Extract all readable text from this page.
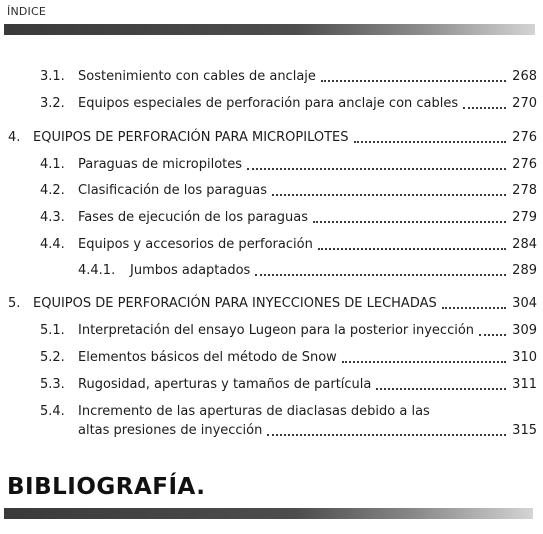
ÍNDICE
3.1.	Sostenimiento con cables de anclaje	268
3.2.	Equipos especiales de perforación para anclaje con cables	270
4. EQUIPOS DE PERFORACIÓN PARA MICROPILOTES	276
4.1.	Paraguas de micropilotes	276
4.2.	Clasificación de los paraguas	278
4.3.	Fases de ejecución de los paraguas	279
4.4.	Equipos y accesorios de perforación	284
4.4.1.	Jumbos adaptados	289
5. EQUIPOS DE PERFORACIÓN PARA INYECCIONES DE LECHADAS	304
5.1.	Interpretación del ensayo Lugeon para la posterior inyección	309
5.2.	Elementos básicos del método de Snow	310
5.3.	Rugosidad, aperturas y tamaños de partícula	311
5.4.	Incremento de las aperturas de diaclasas debido a las
altas presiones de inyección	315
BIBLIOGRAFÍA.
